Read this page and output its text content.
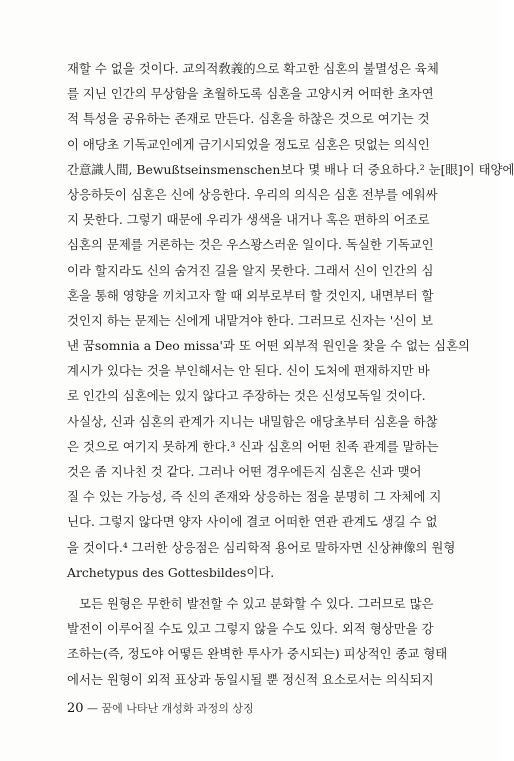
재할 수 없을 것이다. 교의적敎義的으로 확고한 심혼의 불멸성은 육체
를 지닌 인간의 무상함을 초월하도록 심혼을 고양시켜 어떠한 초자연
적 특성을 공유하는 존재로 만든다. 심혼을 하찮은 것으로 여기는 것
이 애당초 기독교인에게 금기시되었을 정도로 심혼은 덧없는 의식인
간意識人間, Bewußtseinsmenschen보다 몇 배나 더 중요하다.² 눈[眼]이 태양에
상응하듯이 심혼은 신에 상응한다. 우리의 의식은 심혼 전부를 에워싸
지 못한다. 그렇기 때문에 우리가 생색을 내거나 혹은 편하의 어조로
심혼의 문제를 거론하는 것은 우스꽝스러운 일이다. 독실한 기독교인
이라 할지라도 신의 숨겨진 길을 알지 못한다. 그래서 신이 인간의 심
혼을 통해 영향을 끼치고자 할 때 외부로부터 할 것인지, 내면부터 할
것인지 하는 문제는 신에게 내맡겨야 한다. 그러므로 신자는 '신이 보
낸 꿈somnia a Deo missa'과 또 어떤 외부적 원인을 찾을 수 없는 심혼의
계시가 있다는 것을 부인해서는 안 된다. 신이 도처에 편재하지만 바
로 인간의 심혼에는 있지 않다고 주장하는 것은 신성모독일 것이다.
사실상, 신과 심혼의 관계가 지니는 내밀함은 애당초부터 심혼을 하찮
은 것으로 여기지 못하게 한다.³ 신과 심혼의 어떤 친족 관계를 말하는
것은 좀 지나친 것 같다. 그러나 어떤 경우에든지 심혼은 신과 맺어
질 수 있는 가능성, 즉 신의 존재와 상응하는 점을 분명히 그 자체에 지
닌다. 그렇지 않다면 양자 사이에 결코 어떠한 연관 관계도 생길 수 없
을 것이다.⁴ 그러한 상응점은 심리학적 용어로 말하자면 신상神像의 원형
Archetypus des Gottesbildes이다.
모든 원형은 무한히 발전할 수 있고 분화할 수 있다. 그러므로 많은
발전이 이루어질 수도 있고 그렇지 않을 수도 있다. 외적 형상만을 강
조하는(즉, 정도야 어떻든 완벽한 투사가 중시되는) 피상적인 종교 형태
에서는 원형이 외적 표상과 동일시될 뿐 정신적 요소로서는 의식되지
20 — 꿈에 나타난 개성화 과정의 상징
